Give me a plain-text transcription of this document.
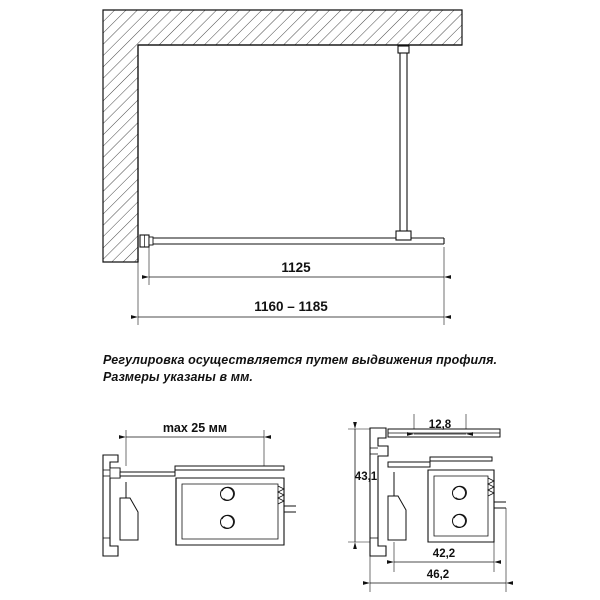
1125
1160 – 1185
max 25 мм	12,8
43,1
42,2
46,2
Регулировка осуществляется путем выдвижения профиля.
Размеры указаны в мм.
